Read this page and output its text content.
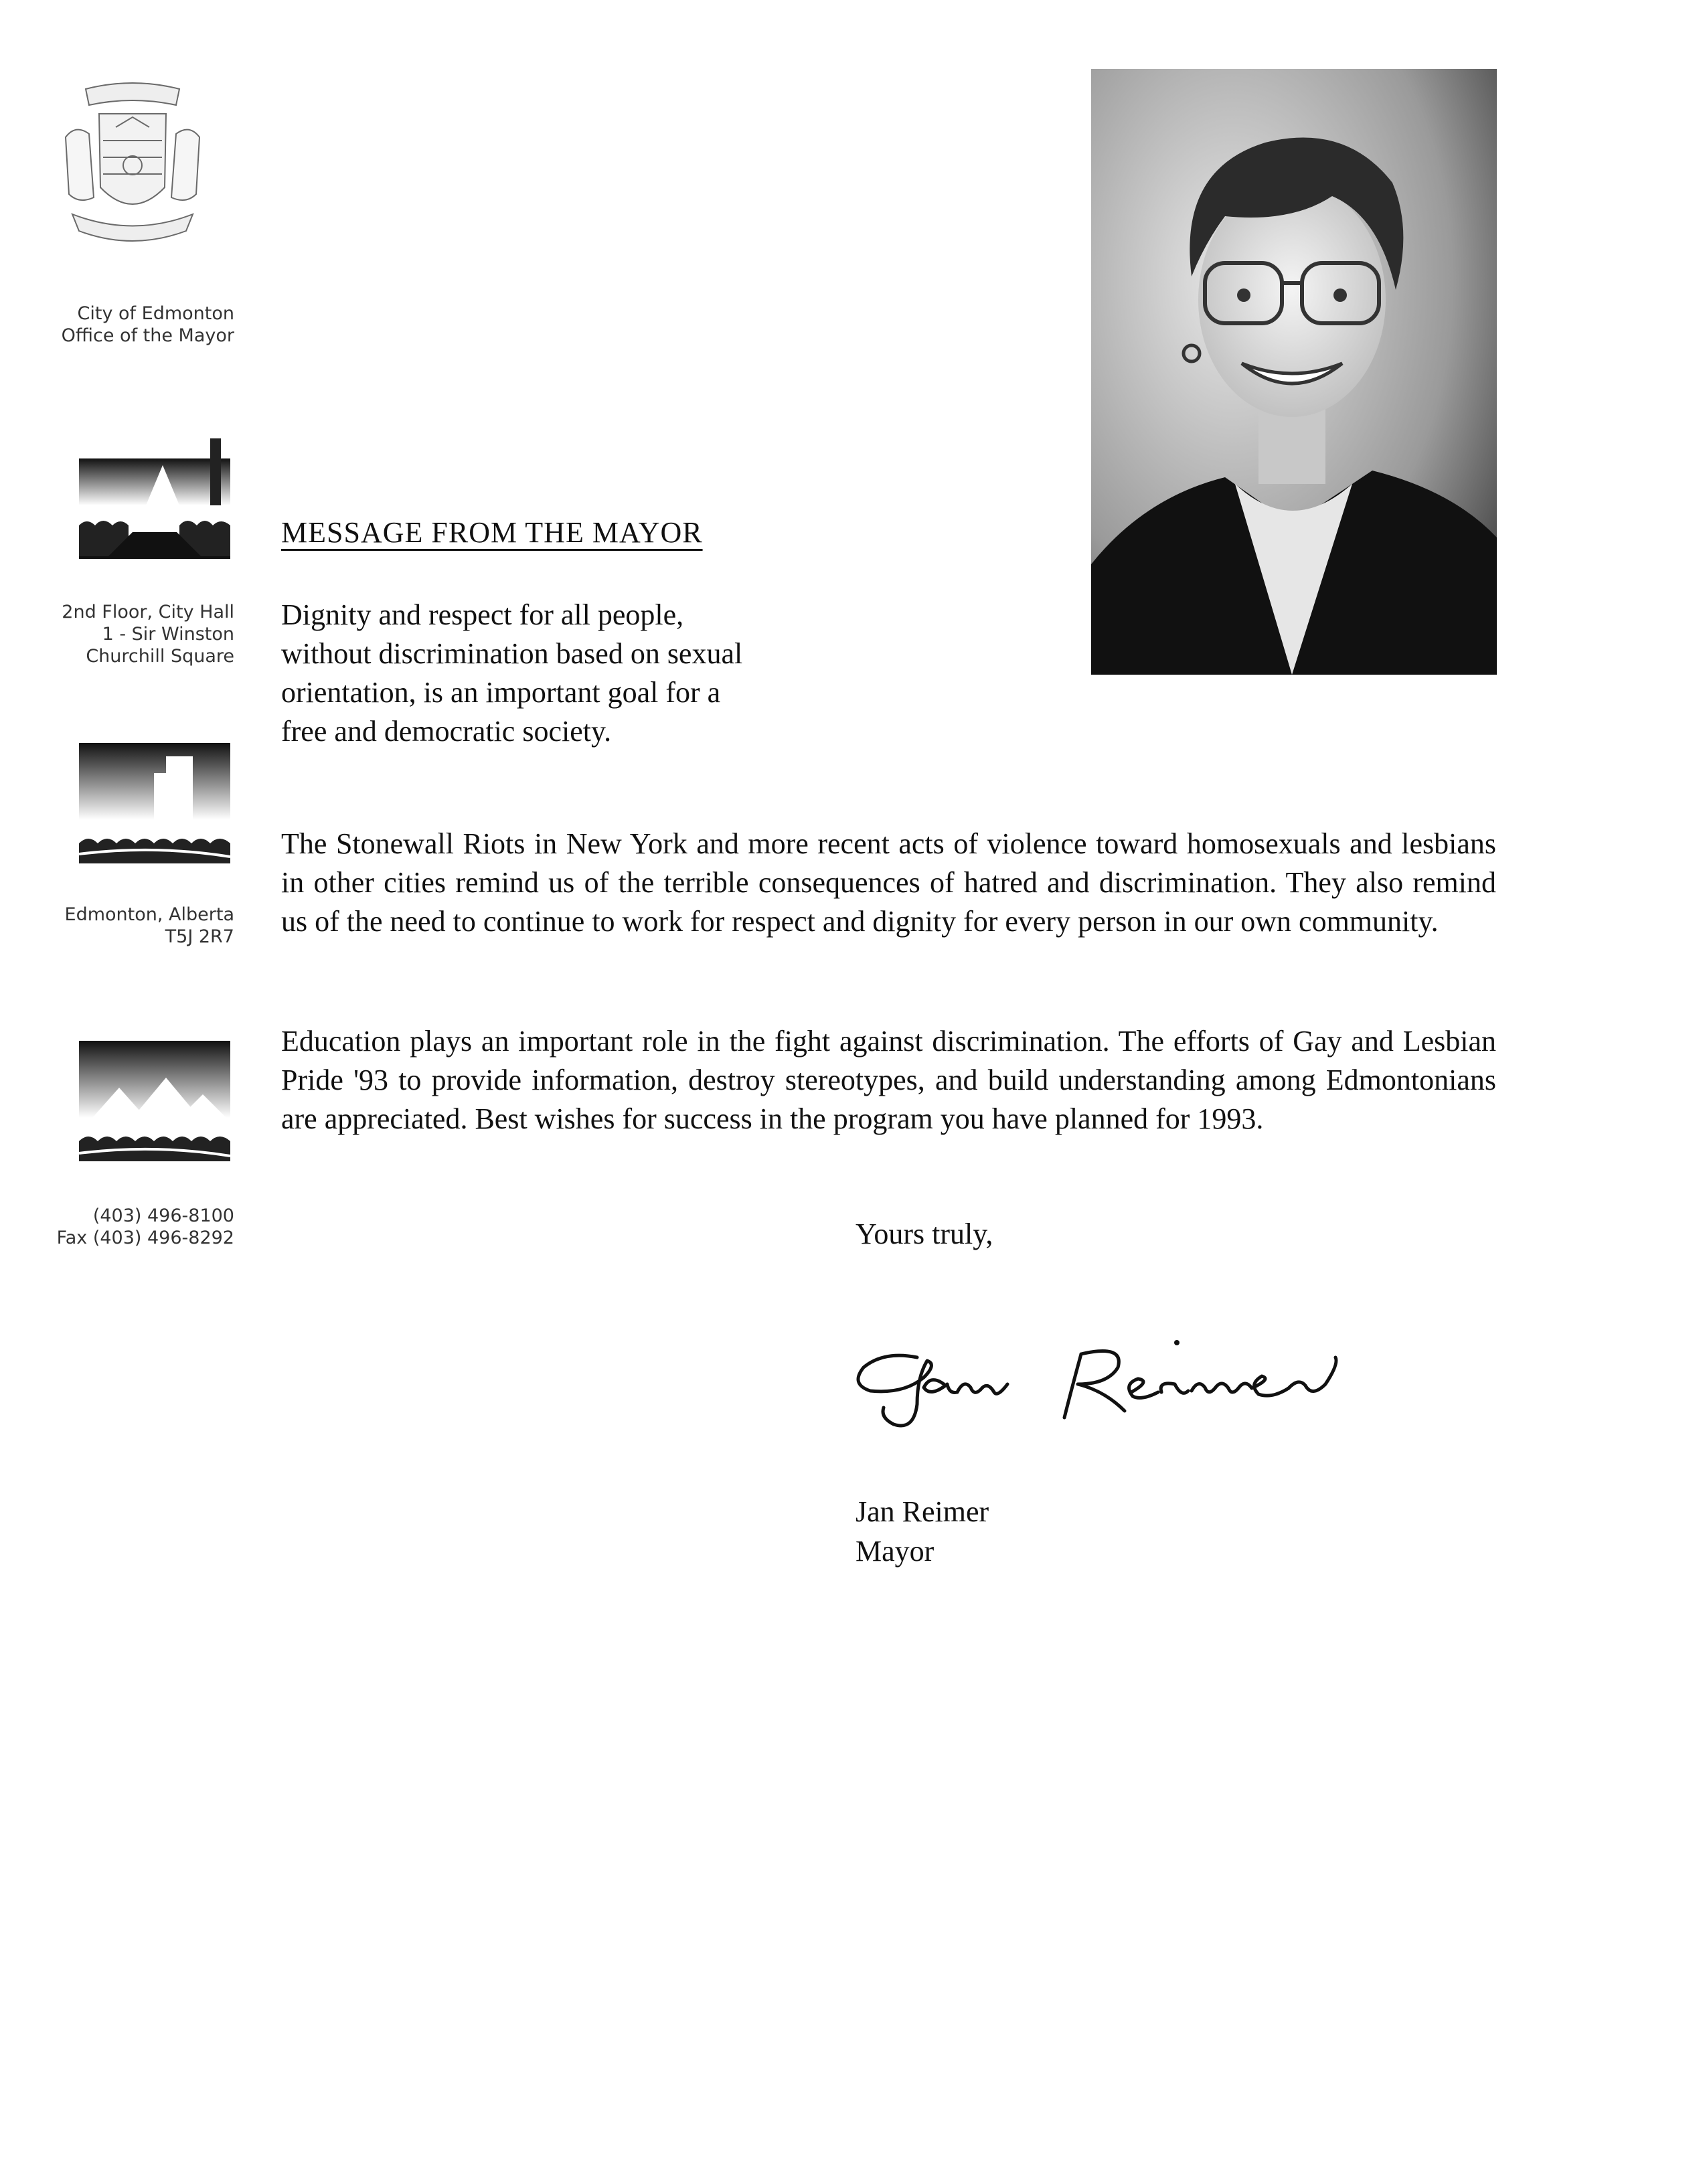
City of Edmonton
Office of the Mayor
2nd Floor, City Hall
1 - Sir Winston
Churchill Square
Edmonton, Alberta
T5J 2R7
(403) 496-8100
Fax (403) 496-8292
MESSAGE FROM THE MAYOR
Dignity and respect for all people, without discrimination based on sexual orientation, is an important goal for a free and democratic society.
The Stonewall Riots in New York and more recent acts of violence toward homosexuals and lesbians in other cities remind us of the terrible consequences of hatred and discrimination. They also remind us of the need to continue to work for respect and dignity for every person in our own community.
Education plays an important role in the fight against discrimination. The efforts of Gay and Lesbian Pride '93 to provide information, destroy stereotypes, and build understanding among Edmontonians are appreciated. Best wishes for success in the program you have planned for 1993.
Yours truly,
Jan Reimer
Mayor
